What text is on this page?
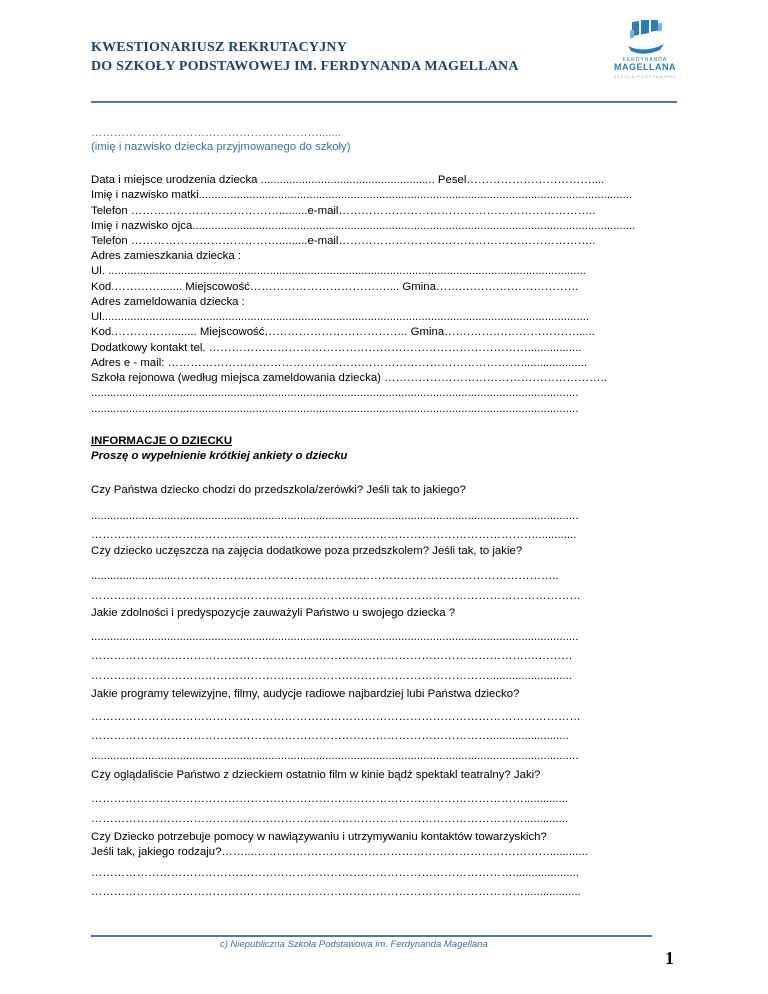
KWESTIONARIUSZ REKRUTACYJNY
DO SZKOŁY PODSTAWOWEJ IM. FERDYNANDA MAGELLANA	FERDYNANDA
MAGELLANA
SZKOŁA PODSTAWOWA
…………………………………………………….......
(imię i nazwisko dziecka przyjmowanego do szkoły)
Data i miejsce urodzenia dziecka ....................................................... Pesel……………………………....
Imię i nazwisko matki.........................................................................................................................................
Telefon ………………………………….........e-mail…………………………………………………………..
Imię i nazwisko ojca............................................................................................................................................
Telefon ………………………………….........e-mail…………………………………………………………..
Adres zamieszkania dziecka :
Ul. .......................................................................................................................................................
Kod.…………....... Miejscowość……………………………….... Gmina…….……….…………………
Adres zameldowania dziecka :
Ul..........................................................................................................................................................
Kod.……………........ Miejscowość……………………………….. Gmina…….……….………………......
Dodatkowy kontakt tel. ………………………………………………………………………….................
Adres e - mail: ………………………………………………………………………………….....................
Szkoła rejonowa (według miejsca zameldowania dziecka) …………………………………………………..
..........................................................................................................................................................
..........................................................................................................................................................
INFORMACJE O DZIECKU
Proszę o wypełnienie krótkiej ankiety o dziecku
Czy Państwa dziecko chodzi do przedszkola/zerówki? Jeśli tak to jakiego?
..........................................................................................................................................................
……………………………………………………………………………………………………….............
Czy dziecko uczęszcza na zajęcia dodatkowe poza przedszkolem? Jeśli tak, to jakie?
...........................………………………………………………………………………………………..
…………………………………………………………………………………………………………………
Jakie zdolności i predyspozycje zauważyli Państwo u swojego dziecka ?
..........................................................................................................................................................
…………………………………………………………………………………………………….…………
……………………………………………………………………………………………..........................
Jakie programy telewizyjne, filmy, audycje radiowe najbardziej lubi Państwa dziecko?
…………………………………………………………………………………………………………………
…………………………………………………………………………………………….........................
..........................................................................................................................................................
Czy oglądaliście Państwo z dzieckiem ostatnio film w kinie bądź spektakl teatralny? Jaki?
……………………………………………………………………………………………………..............
……………………………………………………………………………………………………..............
Czy Dziecko potrzebuje pomocy w nawiązywaniu i utrzymywaniu kontaktów towarzyskich?
Jeśli tak, jakiego rodzaju?……...……………………………………………………………………............
………………………………………………………………………………………………….....................
……………………………………………………………………………………………………..................
c) Niepubliczna Szkoła Podstawowa im. Ferdynanda Magellana
1
